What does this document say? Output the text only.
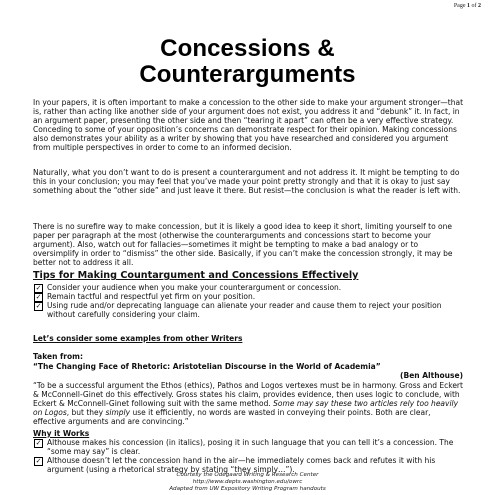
Page 1 of 2
Concessions &
Counterarguments

In your papers, it is often important to make a concession to the other side to make your argument stronger—that is, rather than acting like another side of your argument does not exist, you address it and “debunk” it. In fact, in an argument paper, presenting the other side and then “tearing it apart” can often be a very effective strategy. Conceding to some of your opposition’s concerns can demonstrate respect for their opinion. Making concessions also demonstrates your ability as a writer by showing that you have researched and considered you argument from multiple perspectives in order to come to an informed decision.

Naturally, what you don’t want to do is present a counterargument and not address it. It might be tempting to do this in your conclusion; you may feel that you’ve made your point pretty strongly and that it is okay to just say something about the “other side” and just leave it there. But resist—the conclusion is what the reader is left with.

There is no surefire way to make concession, but it is likely a good idea to keep it short, limiting yourself to one paper per paragraph at the most (otherwise the counterarguments and concessions start to become your argument). Also, watch out for fallacies—sometimes it might be tempting to make a bad analogy or to oversimplify in order to “dismiss” the other side. Basically, if you can’t make the concession strongly, it may be better not to address it all.

Tips for Making Countargument and Concessions Effectively
✓ Consider your audience when you make your counterargument or concession.
✓ Remain tactful and respectful yet firm on your position.
✓ Using rude and/or deprecating language can alienate your reader and cause them to reject your position without carefully considering your claim.
Let’s consider some examples from other Writers
Taken from:
“The Changing Face of Rhetoric: Aristotelian Discourse in the World of Academia”
(Ben Althouse)
“To be a successful argument the Ethos (ethics), Pathos and Logos vertexes must be in harmony. Gross and Eckert & McConnell-Ginet do this effectively. Gross states his claim, provides evidence, then uses logic to conclude, with Eckert & McConnell-Ginet following suit with the same method. Some may say these two articles rely too heavily on Logos, but they simply use it efficiently, no words are wasted in conveying their points. Both are clear, effective arguments and are convincing.”
Why it Works
✓ Althouse makes his concession (in italics), posing it in such language that you can tell it’s a concession. The “some may say” is clear.
✓ Althouse doesn’t let the concession hand in the air—he immediately comes back and refutes it with his argument (using a rhetorical strategy by stating “they simply…”).
Courtesy the Odegaard Writing & Research Center
http://www.depts.washington.edu/owrc
Adapted from UW Expository Writing Program handouts
